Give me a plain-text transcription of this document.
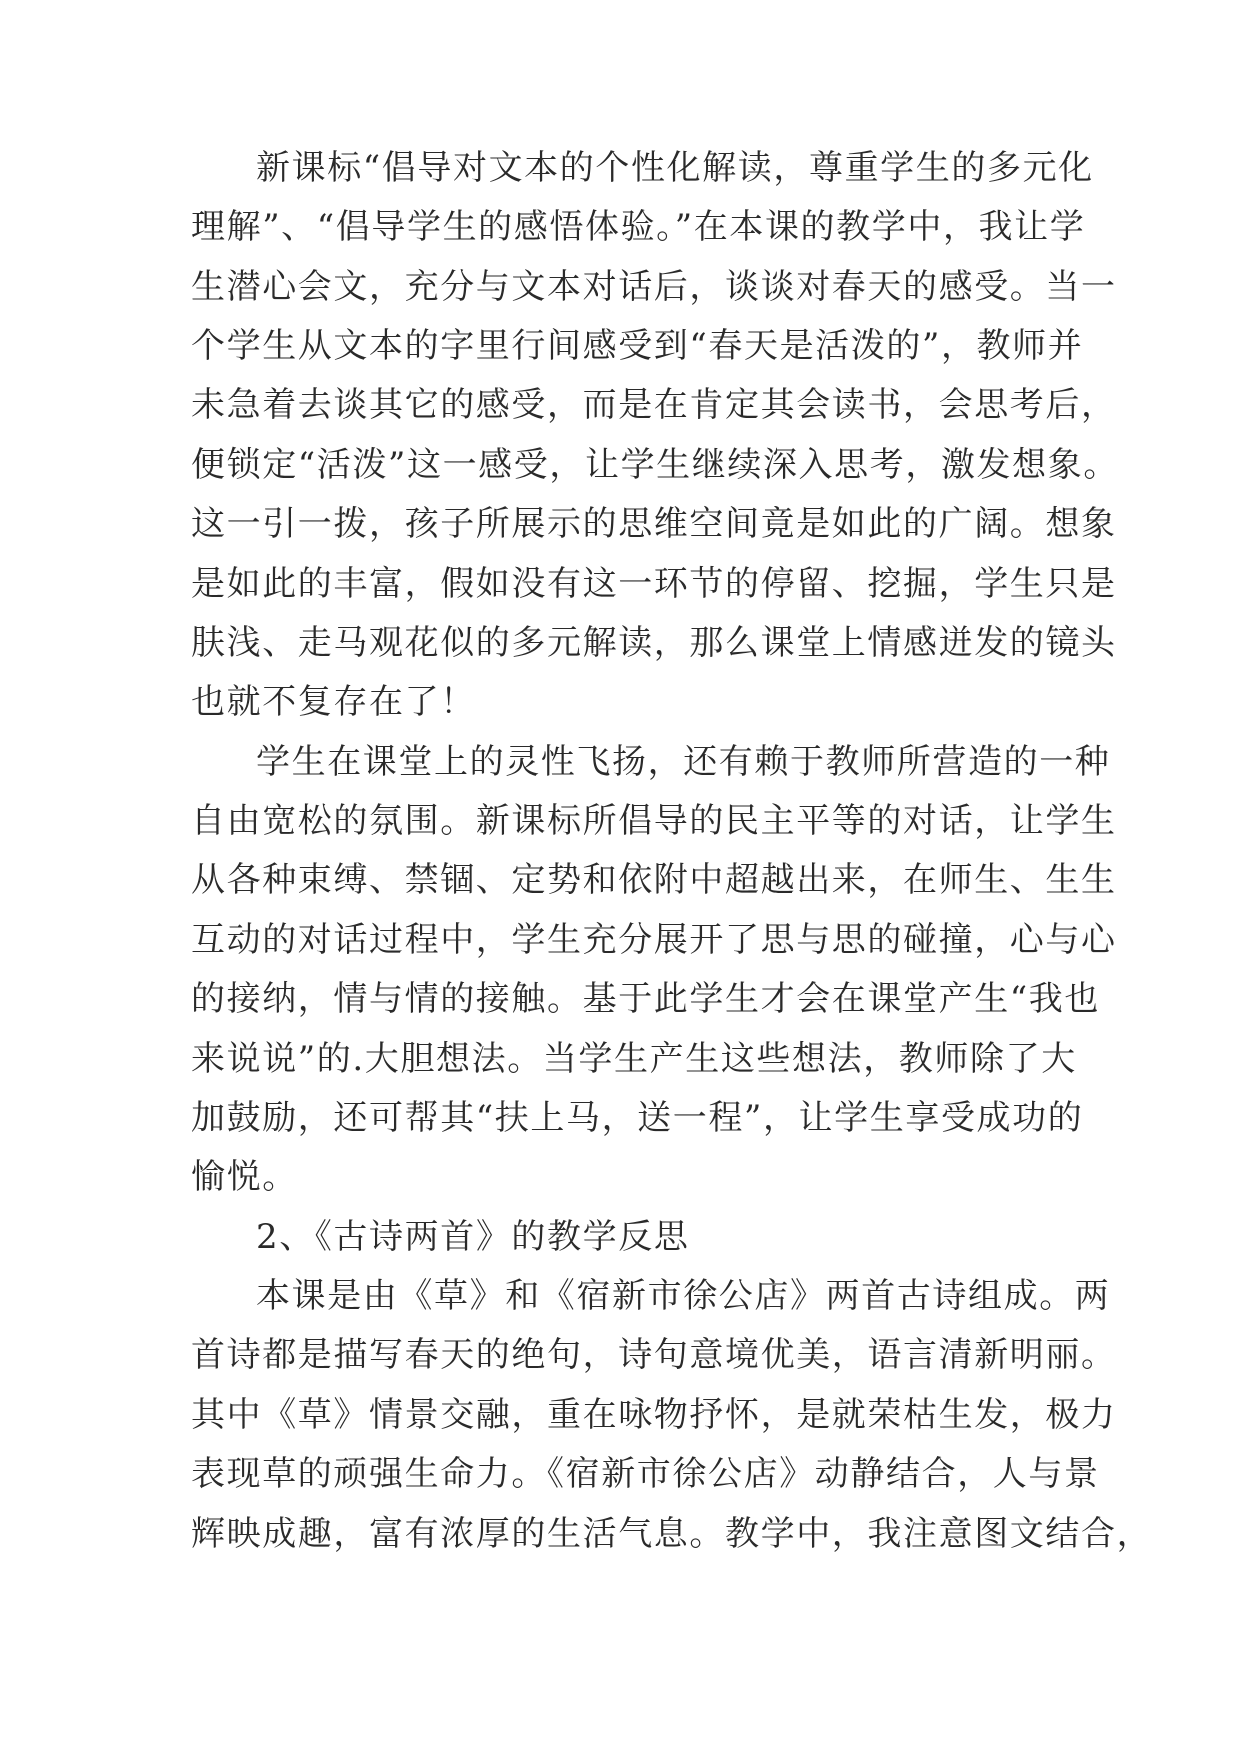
新课标“倡导对文本的个性化解读，尊重学生的多元化
理解”、“倡导学生的感悟体验。”在本课的教学中，我让学
生潜心会文，充分与文本对话后，谈谈对春天的感受。当一
个学生从文本的字里行间感受到“春天是活泼的”，教师并
未急着去谈其它的感受，而是在肯定其会读书，会思考后，
便锁定“活泼”这一感受，让学生继续深入思考，激发想象。
这一引一拨，孩子所展示的思维空间竟是如此的广阔。想象
是如此的丰富，假如没有这一环节的停留、挖掘，学生只是
肤浅、走马观花似的多元解读，那么课堂上情感迸发的镜头
也就不复存在了！
学生在课堂上的灵性飞扬，还有赖于教师所营造的一种
自由宽松的氛围。新课标所倡导的民主平等的对话，让学生
从各种束缚、禁锢、定势和依附中超越出来，在师生、生生
互动的对话过程中，学生充分展开了思与思的碰撞，心与心
的接纳，情与情的接触。基于此学生才会在课堂产生“我也
来说说”的.大胆想法。当学生产生这些想法，教师除了大
加鼓励，还可帮其“扶上马，送一程”，让学生享受成功的
愉悦。
2、《古诗两首》的教学反思
本课是由《草》和《宿新市徐公店》两首古诗组成。两
首诗都是描写春天的绝句，诗句意境优美，语言清新明丽。
其中《草》情景交融，重在咏物抒怀，是就荣枯生发，极力
表现草的顽强生命力。《宿新市徐公店》动静结合，人与景
辉映成趣，富有浓厚的生活气息。教学中，我注意图文结合，
